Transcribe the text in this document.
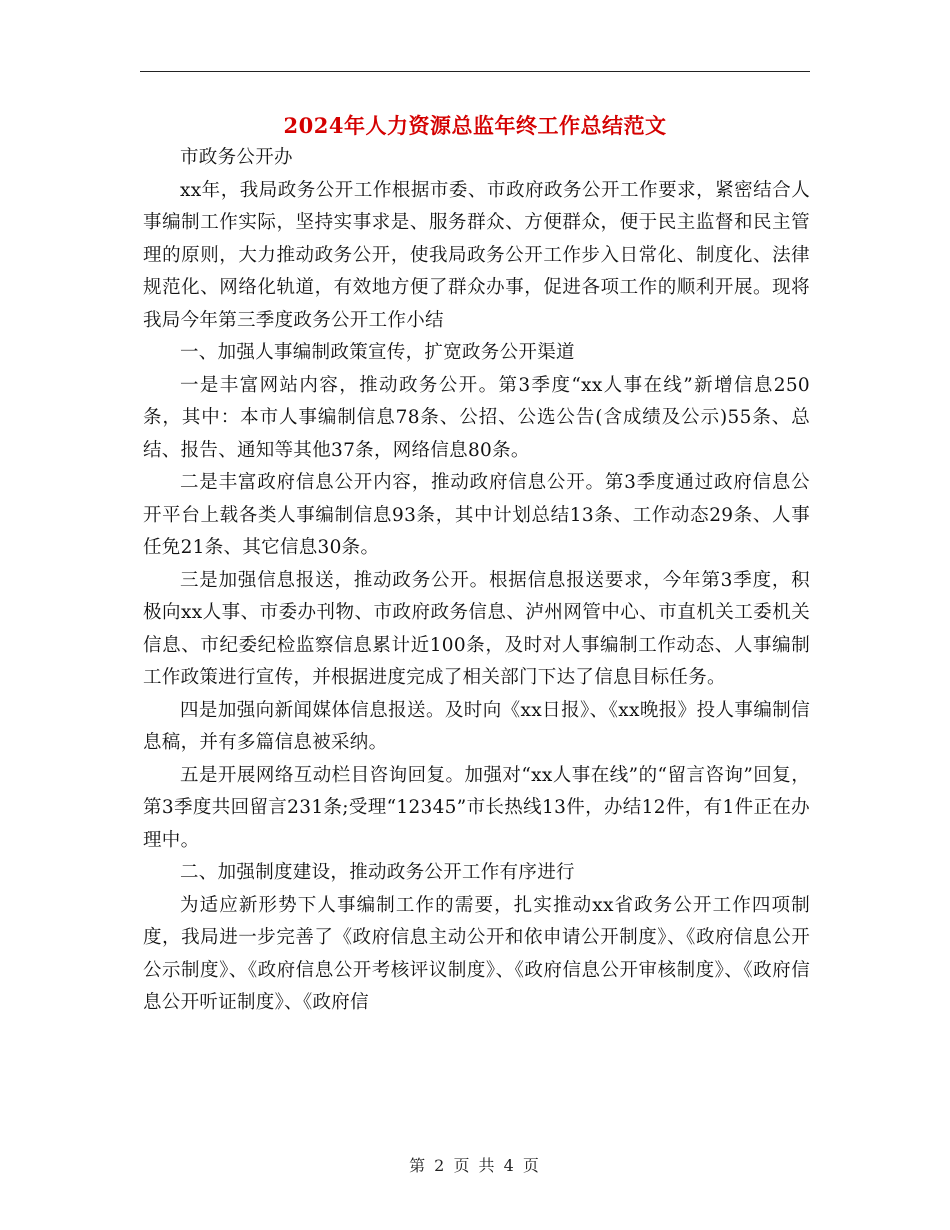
2024年人力资源总监年终工作总结范文

市政务公开办

xx年，我局政务公开工作根据市委、市政府政务公开工作要求，紧密结合人事编制工作实际，坚持实事求是、服务群众、方便群众，便于民主监督和民主管理的原则，大力推动政务公开，使我局政务公开工作步入日常化、制度化、法律规范化、网络化轨道，有效地方便了群众办事，促进各项工作的顺利开展。现将我局今年第三季度政务公开工作小结

一、加强人事编制政策宣传，扩宽政务公开渠道

一是丰富网站内容，推动政务公开。第3季度“xx人事在线”新增信息250条，其中：本市人事编制信息78条、公招、公选公告(含成绩及公示)55条、总结、报告、通知等其他37条，网络信息80条。

二是丰富政府信息公开内容，推动政府信息公开。第3季度通过政府信息公开平台上载各类人事编制信息93条，其中计划总结13条、工作动态29条、人事任免21条、其它信息30条。

三是加强信息报送，推动政务公开。根据信息报送要求，今年第3季度，积极向xx人事、市委办刊物、市政府政务信息、泸州网管中心、市直机关工委机关信息、市纪委纪检监察信息累计近100条，及时对人事编制工作动态、人事编制工作政策进行宣传，并根据进度完成了相关部门下达了信息目标任务。

四是加强向新闻媒体信息报送。及时向《xx日报》、《xx晚报》投人事编制信息稿，并有多篇信息被采纳。

五是开展网络互动栏目咨询回复。加强对“xx人事在线”的“留言咨询”回复，第3季度共回留言231条;受理“12345”市长热线13件，办结12件，有1件正在办理中。

二、加强制度建设，推动政务公开工作有序进行

为适应新形势下人事编制工作的需要，扎实推动xx省政务公开工作四项制度，我局进一步完善了《政府信息主动公开和依申请公开制度》、《政府信息公开公示制度》、《政府信息公开考核评议制度》、《政府信息公开审核制度》、《政府信息公开听证制度》、《政府信

第 2 页 共 4 页
